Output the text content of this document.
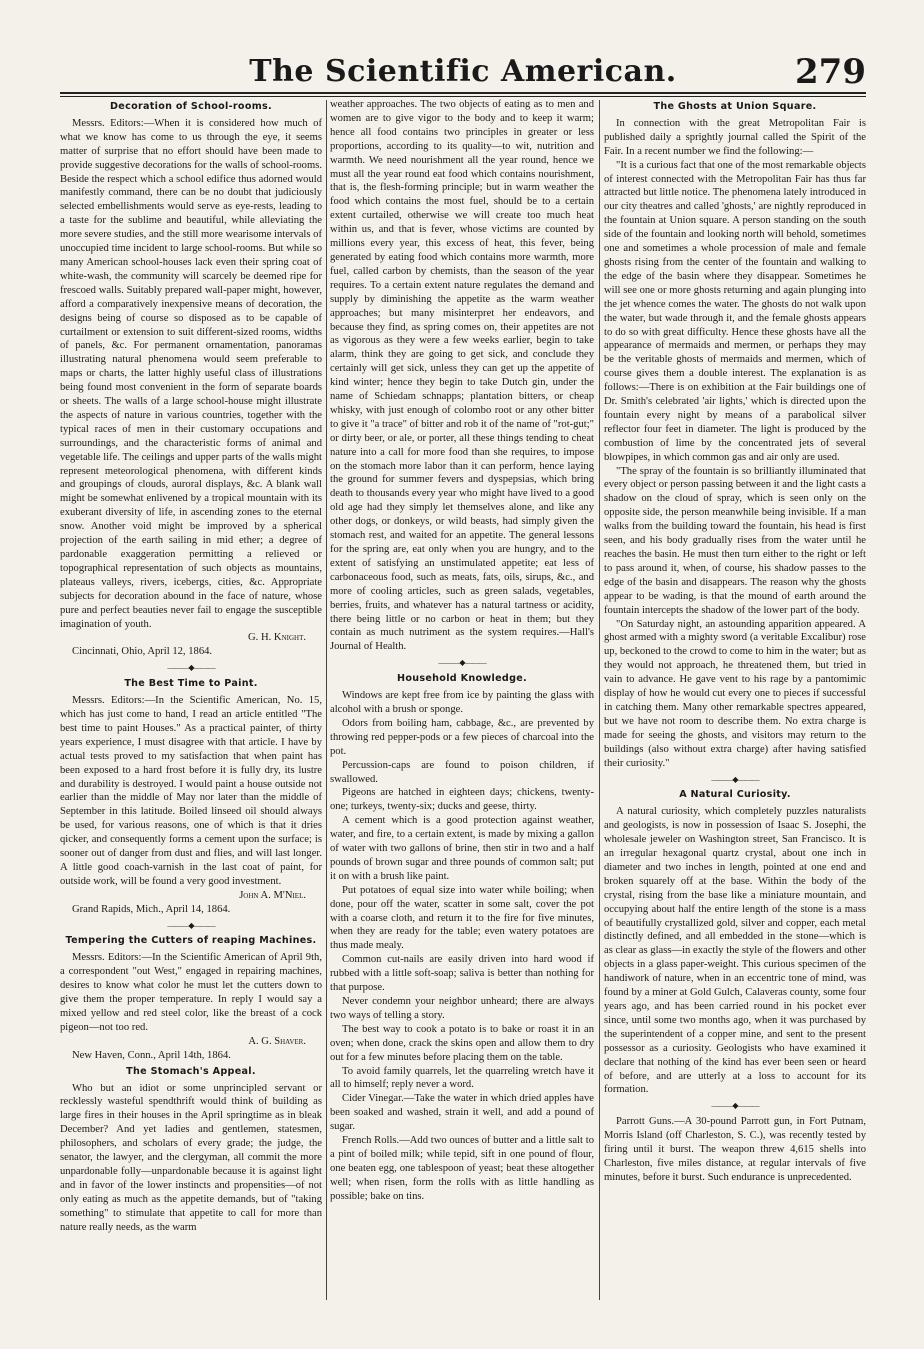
The Scientific American.	279
Decoration of School-rooms.

Messrs. Editors:—When it is considered how much of what we know has come to us through the eye, it seems matter of surprise that no effort should have been made to provide suggestive decorations for the walls of school-rooms. Beside the respect which a school edifice thus adorned would manifestly command, there can be no doubt that judiciously selected embellishments would serve as eye-rests, leading to a taste for the sublime and beautiful, while alleviating the more severe studies, and the still more wearisome intervals of unoccupied time incident to large school-rooms. But while so many American school-houses lack even their spring coat of white-wash, the community will scarcely be deemed ripe for frescoed walls. Suitably prepared wall-paper might, however, afford a comparatively inexpensive means of decoration, the designs being of course so disposed as to be capable of curtailment or extension to suit different-sized rooms, widths of panels, &c. For permanent ornamentation, panoramas illustrating natural phenomena would seem preferable to maps or charts, the latter highly useful class of illustrations being found most convenient in the form of separate boards or sheets. The walls of a large school-house might illustrate the aspects of nature in various countries, together with the typical races of men in their customary occupations and surroundings, and the characteristic forms of animal and vegetable life. The ceilings and upper parts of the walls might represent meteorological phenomena, with different kinds and groupings of clouds, auroral displays, &c. A blank wall might be somewhat enlivened by a tropical mountain with its exuberant diversity of life, in ascending zones to the eternal snow. Another void might be improved by a spherical projection of the earth sailing in mid ether; a degree of pardonable exaggeration permitting a relieved or topographical representation of such objects as mountains, plateaus valleys, rivers, icebergs, cities, &c. Appropriate subjects for decoration abound in the face of nature, whose pure and perfect beauties never fail to engage the susceptible imagination of youth.

G. H. Knight.

Cincinnati, Ohio, April 12, 1864.

———◆———
The Best Time to Paint.

Messrs. Editors:—In the Scientific American, No. 15, which has just come to hand, I read an article entitled "The best time to paint Houses." As a practical painter, of thirty years experience, I must disagree with that article. I have by actual tests proved to my satisfaction that when paint has been exposed to a hard frost before it is fully dry, its lustre and durability is destroyed. I would paint a house outside not earlier than the middle of May nor later than the middle of September in this latitude. Boiled linseed oil should always be used, for various reasons, one of which is that it dries qicker, and consequently forms a cement upon the surface; is sooner out of danger from dust and flies, and will last longer. A little good coach-varnish in the last coat of paint, for outside work, will be found a very good investment.

John A. M'Niel.

Grand Rapids, Mich., April 14, 1864.

———◆———
Tempering the Cutters of reaping Machines.

Messrs. Editors:—In the Scientific American of April 9th, a correspondent "out West," engaged in repairing machines, desires to know what color he must let the cutters down to give them the proper temperature. In reply I would say a mixed yellow and red steel color, like the breast of a cock pigeon—not too red.

A. G. Shaver.

New Haven, Conn., April 14th, 1864.

The Stomach's Appeal.

Who but an idiot or some unprincipled servant or recklessly wasteful spendthrift would think of building as large fires in their houses in the April springtime as in bleak December? And yet ladies and gentlemen, statesmen, philosophers, and scholars of every grade; the judge, the senator, the lawyer, and the clergyman, all commit the more unpardonable folly—unpardonable because it is against light and in favor of the lower instincts and propensities—of not only eating as much as the appetite demands, but of "taking something" to stimulate that appetite to call for more than nature really needs, as the warm

weather approaches. The two objects of eating as to men and women are to give vigor to the body and to keep it warm; hence all food contains two principles in greater or less proportions, according to its quality—to wit, nutrition and warmth. We need nourishment all the year round, hence we must all the year round eat food which contains nourishment, that is, the flesh-forming principle; but in warm weather the food which contains the most fuel, should be to a certain extent curtailed, otherwise we will create too much heat within us, and that is fever, whose victims are counted by millions every year, this excess of heat, this fever, being generated by eating food which contains more warmth, more fuel, called carbon by chemists, than the season of the year requires. To a certain extent nature regulates the demand and supply by diminishing the appetite as the warm weather approaches; but many misinterpret her endeavors, and because they find, as spring comes on, their appetites are not as vigorous as they were a few weeks earlier, begin to take alarm, think they are going to get sick, and conclude they certainly will get sick, unless they can get up the appetite of kind winter; hence they begin to take Dutch gin, under the name of Schiedam schnapps; plantation bitters, or cheap whisky, with just enough of colombo root or any other bitter to give it "a trace" of bitter and rob it of the name of "rot-gut;" or dirty beer, or ale, or porter, all these things tending to cheat nature into a call for more food than she requires, to impose on the stomach more labor than it can perform, hence laying the ground for summer fevers and dyspepsias, which bring death to thousands every year who might have lived to a good old age had they simply let themselves alone, and like any other dogs, or donkeys, or wild beasts, had simply given the stomach rest, and waited for an appetite. The general lessons for the spring are, eat only when you are hungry, and to the extent of satisfying an unstimulated appetite; eat less of carbonaceous food, such as meats, fats, oils, sirups, &c., and more of cooling articles, such as green salads, vegetables, berries, fruits, and whatever has a natural tartness or acidity, there being little or no carbon or heat in them; but they contain as much nutriment as the system requires.—Hall's Journal of Health.

———◆———
Household Knowledge.

Windows are kept free from ice by painting the glass with alcohol with a brush or sponge.

Odors from boiling ham, cabbage, &c., are prevented by throwing red pepper-pods or a few pieces of charcoal into the pot.

Percussion-caps are found to poison children, if swallowed.

Pigeons are hatched in eighteen days; chickens, twenty-one; turkeys, twenty-six; ducks and geese, thirty.

A cement which is a good protection against weather, water, and fire, to a certain extent, is made by mixing a gallon of water with two gallons of brine, then stir in two and a half pounds of brown sugar and three pounds of common salt; put it on with a brush like paint.

Put potatoes of equal size into water while boiling; when done, pour off the water, scatter in some salt, cover the pot with a coarse cloth, and return it to the fire for five minutes, when they are ready for the table; even watery potatoes are thus made mealy.

Common cut-nails are easily driven into hard wood if rubbed with a little soft-soap; saliva is better than nothing for that purpose.

Never condemn your neighbor unheard; there are always two ways of telling a story.

The best way to cook a potato is to bake or roast it in an oven; when done, crack the skins open and allow them to dry out for a few minutes before placing them on the table.

To avoid family quarrels, let the quarreling wretch have it all to himself; reply never a word.

Cider Vinegar.—Take the water in which dried apples have been soaked and washed, strain it well, and add a pound of sugar.

French Rolls.—Add two ounces of butter and a little salt to a pint of boiled milk; while tepid, sift in one pound of flour, one beaten egg, one tablespoon of yeast; beat these altogether well; when risen, form the rolls with as little handling as possible; bake on tins.

The Ghosts at Union Square.

In connection with the great Metropolitan Fair is published daily a sprightly journal called the Spirit of the Fair. In a recent number we find the following:—

"It is a curious fact that one of the most remarkable objects of interest connected with the Metropolitan Fair has thus far attracted but little notice. The phenomena lately introduced in our city theatres and called 'ghosts,' are nightly reproduced in the fountain at Union square. A person standing on the south side of the fountain and looking north will behold, sometimes one and sometimes a whole procession of male and female ghosts rising from the center of the fountain and walking to the edge of the basin where they disappear. Sometimes he will see one or more ghosts returning and again plunging into the jet whence comes the water. The ghosts do not walk upon the water, but wade through it, and the female ghosts appears to do so with great difficulty. Hence these ghosts have all the appearance of mermaids and mermen, or perhaps they may be the veritable ghosts of mermaids and mermen, which of course gives them a double interest. The explanation is as follows:—There is on exhibition at the Fair buildings one of Dr. Smith's celebrated 'air lights,' which is directed upon the fountain every night by means of a parabolical silver reflector four feet in diameter. The light is produced by the combustion of lime by the concentrated jets of several blowpipes, in which common gas and air only are used.

"The spray of the fountain is so brilliantly illuminated that every object or person passing between it and the light casts a shadow on the cloud of spray, which is seen only on the opposite side, the person meanwhile being invisible. If a man walks from the building toward the fountain, his head is first seen, and his body gradually rises from the water until he reaches the basin. He must then turn either to the right or left to pass around it, when, of course, his shadow passes to the edge of the basin and disappears. The reason why the ghosts appear to be wading, is that the mound of earth around the fountain intercepts the shadow of the lower part of the body.

"On Saturday night, an astounding apparition appeared. A ghost armed with a mighty sword (a veritable Excalibur) rose up, beckoned to the crowd to come to him in the water; but as they would not approach, he threatened them, but tried in vain to advance. He gave vent to his rage by a pantomimic display of how he would cut every one to pieces if successful in catching them. Many other remarkable spectres appeared, but we have not room to describe them. No extra charge is made for seeing the ghosts, and visitors may return to the buildings (also without extra charge) after having satisfied their curiosity."

———◆———
A Natural Curiosity.

A natural curiosity, which completely puzzles naturalists and geologists, is now in possession of Isaac S. Josephi, the wholesale jeweler on Washington street, San Francisco. It is an irregular hexagonal quartz crystal, about one inch in diameter and two inches in length, pointed at one end and broken squarely off at the base. Within the body of the crystal, rising from the base like a miniature mountain, and occupying about half the entire length of the stone is a mass of beautifully crystallized gold, silver and copper, each metal distinctly defined, and all embedded in the stone—which is as clear as glass—in exactly the style of the flowers and other objects in a glass paper-weight. This curious specimen of the handiwork of nature, when in an eccentric tone of mind, was found by a miner at Gold Gulch, Calaveras county, some four years ago, and has been carried round in his pocket ever since, until some two months ago, when it was purchased by the superintendent of a copper mine, and sent to the present possessor as a curiosity. Geologists who have examined it declare that nothing of the kind has ever been seen or heard of before, and are utterly at a loss to account for its formation.

———◆———

Parrott Guns.—A 30-pound Parrott gun, in Fort Putnam, Morris Island (off Charleston, S. C.), was recently tested by firing until it burst. The weapon threw 4,615 shells into Charleston, five miles distance, at regular intervals of five minutes, before it burst. Such endurance is unprecedented.
